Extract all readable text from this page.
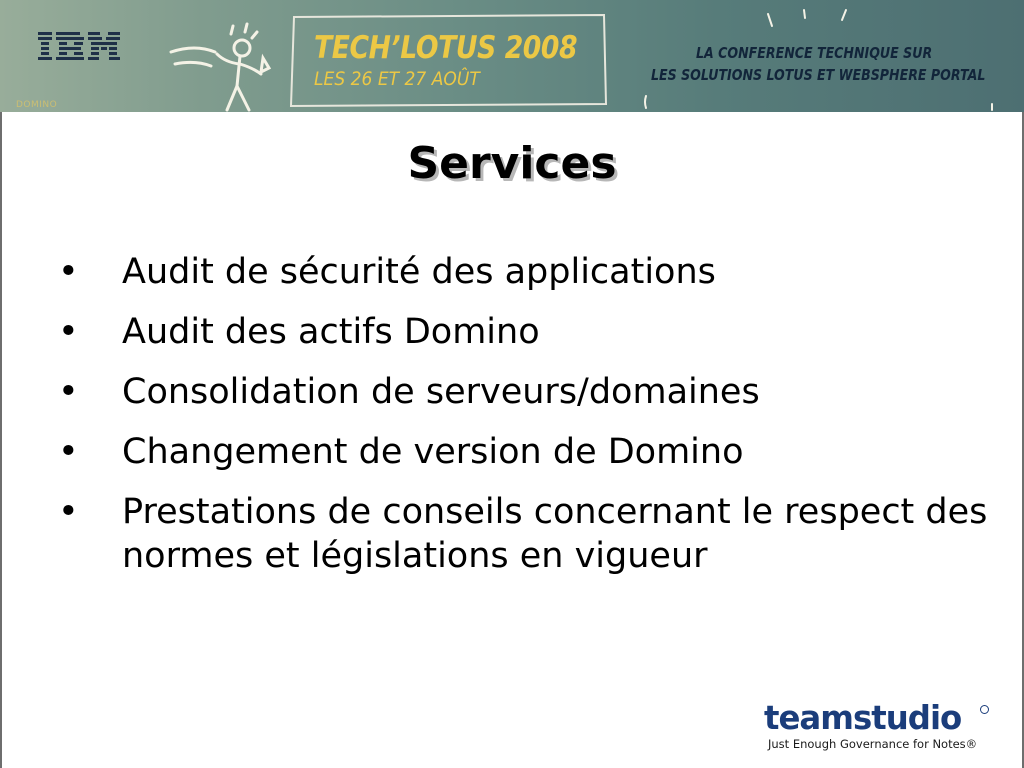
DOMINO
TECH’LOTUS 2008
LES 26 ET 27 AOÛT
LA CONFERENCE TECHNIQUE SUR
LES SOLUTIONS LOTUS ET WEBSPHERE PORTAL
Services
•	Audit de sécurité des applications
•	Audit des actifs Domino
•	Consolidation de serveurs/domaines
•	Changement de version de Domino
•	Prestations de conseils concernant le respect des normes et législations en vigueur
teamstudio
Just Enough Governance for Notes®
